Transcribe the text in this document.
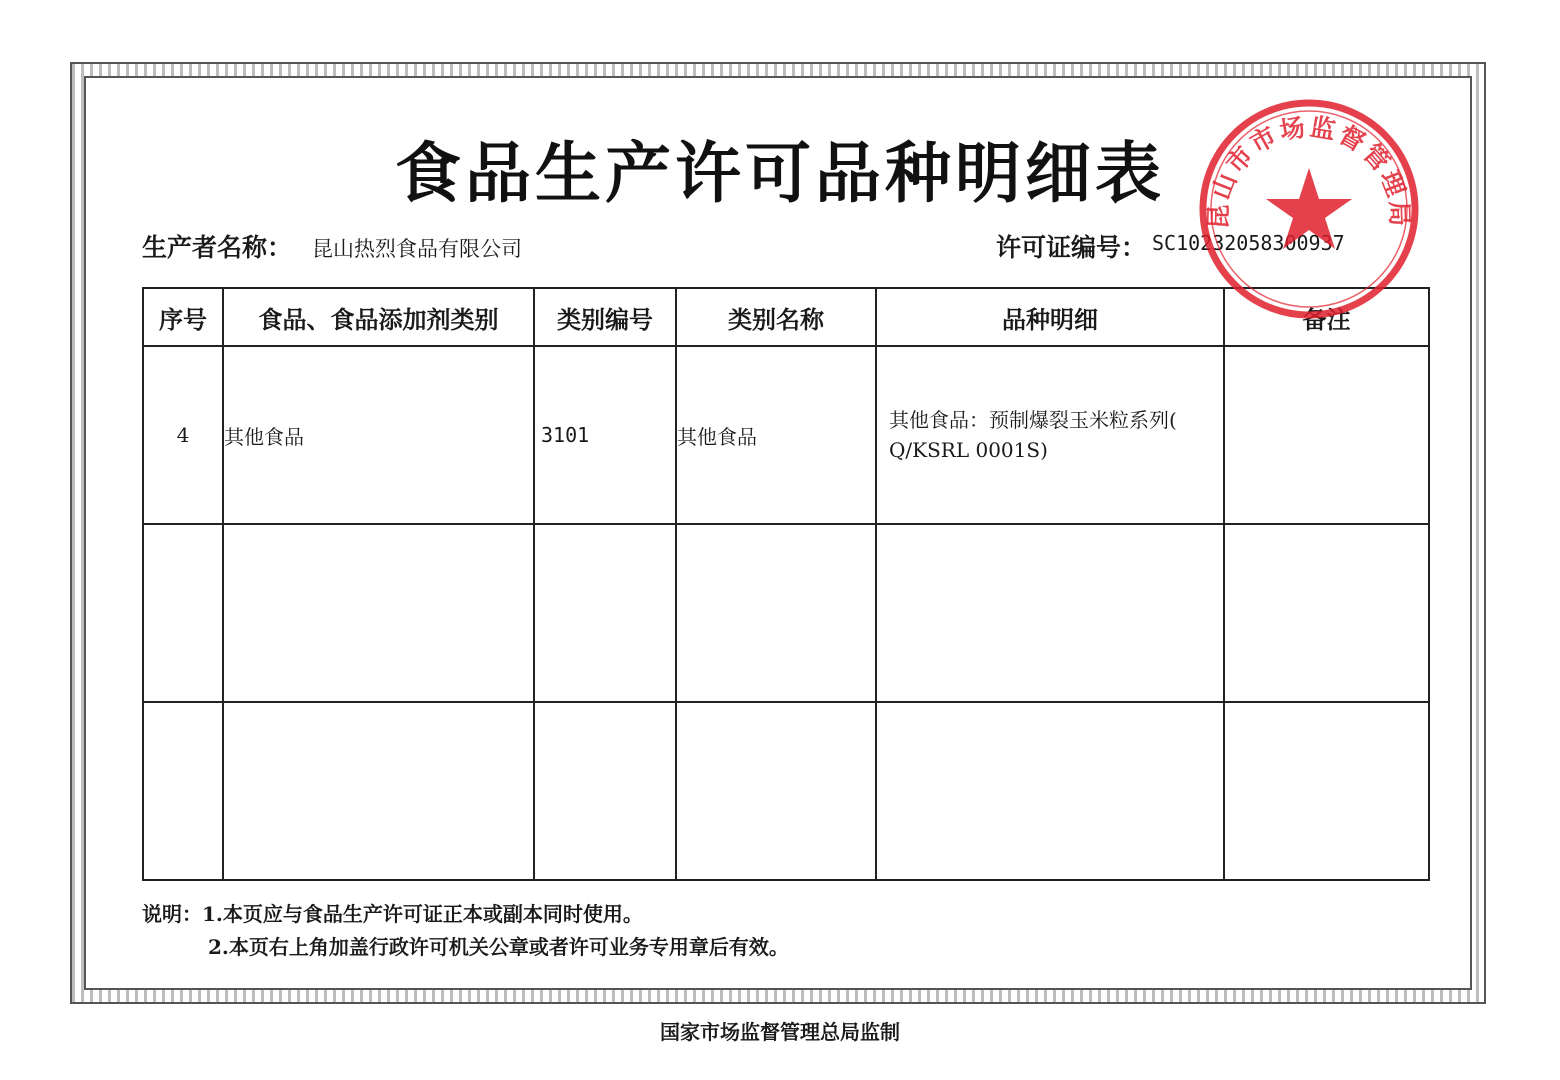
食品生产许可品种明细表
生产者名称： 昆山热烈食品有限公司	许可证编号： SC10232058300937
序号	食品、食品添加剂类别	类别编号	类别名称	品种明细	备注
4	其他食品	3101	其他食品	其他食品：预制爆裂玉米粒系列(
Q/KSRL 0001S)	

说明：1.本页应与食品生产许可证正本或副本同时使用。
2.本页右上角加盖行政许可机关公章或者许可业务专用章后有效。
国家市场监督管理总局监制
昆山市市场监督管理局
